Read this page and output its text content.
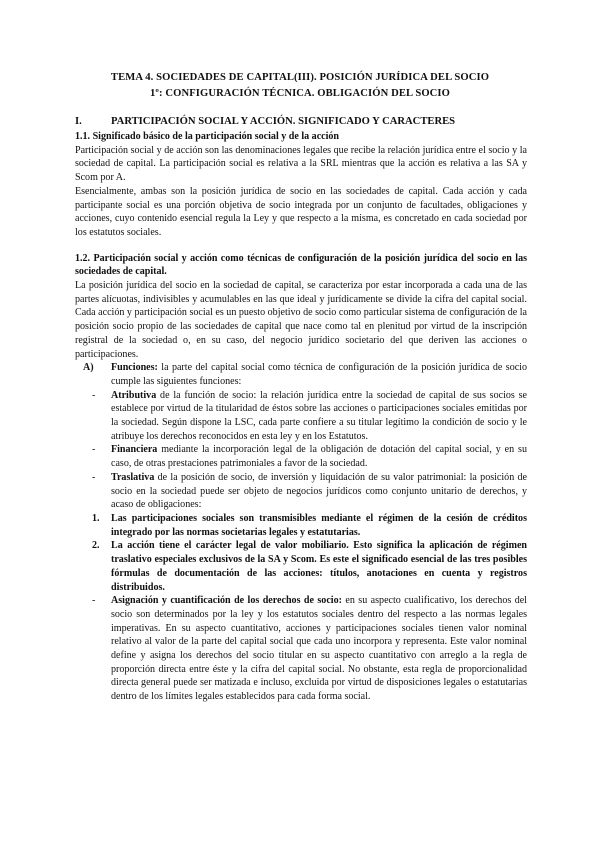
TEMA 4. SOCIEDADES DE CAPITAL(III). POSICIÓN JURÍDICA DEL SOCIO
1º: CONFIGURACIÓN TÉCNICA. OBLIGACIÓN DEL SOCIO
I.	PARTICIPACIÓN SOCIAL Y ACCIÓN. SIGNIFICADO Y CARACTERES

1.1. Significado básico de la participación social y de la acción

Participación social y de acción son las denominaciones legales que recibe la relación jurídica entre el socio y la sociedad de capital. La participación social es relativa a la SRL mientras que la acción es relativa a las SA y Scom por A.

Esencialmente, ambas son la posición jurídica de socio en las sociedades de capital. Cada acción y cada participante social es una porción objetiva de socio integrada por un conjunto de facultades, obligaciones y acciones, cuyo contenido esencial regula la Ley y que respecto a la misma, es concretado en cada sociedad por los estatutos sociales.

1.2. Participación social y acción como técnicas de configuración de la posición jurídica del socio en las sociedades de capital.

La posición jurídica del socio en la sociedad de capital, se caracteriza por estar incorporada a cada una de las partes alícuotas, indivisibles y acumulables en las que ideal y jurídicamente se divide la cifra del capital social. Cada acción y participación social es un puesto objetivo de socio como particular sistema de configuración de la posición socio propio de las sociedades de capital que nace como tal en plenitud por virtud de la inscripción registral de la sociedad o, en su caso, del negocio jurídico societario del que deriven las acciones o participaciones.

A) Funciones: la parte del capital social como técnica de configuración de la posición jurídica de socio cumple las siguientes funciones:
- Atributiva de la función de socio: la relación jurídica entre la sociedad de capital de sus socios se establece por virtud de la titularidad de éstos sobre las acciones o participaciones sociales emitidas por la sociedad. Según dispone la LSC, cada parte confiere a su titular legítimo la condición de socio y le atribuye los derechos reconocidos en esta ley y en los Estatutos.
- Financiera mediante la incorporación legal de la obligación de dotación del capital social, y en su caso, de otras prestaciones patrimoniales a favor de la sociedad.
- Traslativa de la posición de socio, de inversión y liquidación de su valor patrimonial: la posición de socio en la sociedad puede ser objeto de negocios jurídicos como conjunto unitario de derechos, y acaso de obligaciones:
1. Las participaciones sociales son transmisibles mediante el régimen de la cesión de créditos integrado por las normas societarias legales y estatutarias.
2. La acción tiene el carácter legal de valor mobiliario. Esto significa la aplicación de régimen traslativo especiales exclusivos de la SA y Scom. Es este el significado esencial de las tres posibles fórmulas de documentación de las acciones: títulos, anotaciones en cuenta y registros distribuidos.
- Asignación y cuantificación de los derechos de socio: en su aspecto cualificativo, los derechos del socio son determinados por la ley y los estatutos sociales dentro del respecto a las normas legales imperativas. En su aspecto cuantitativo, acciones y participaciones sociales tienen valor nominal relativo al valor de la parte del capital social que cada uno incorpora y representa. Este valor nominal define y asigna los derechos del socio titular en su aspecto cuantitativo con arreglo a la regla de proporción directa entre éste y la cifra del capital social. No obstante, esta regla de proporcionalidad directa general puede ser matizada e incluso, excluida por virtud de disposiciones legales o estatutarias dentro de los límites legales establecidos para cada forma social.
